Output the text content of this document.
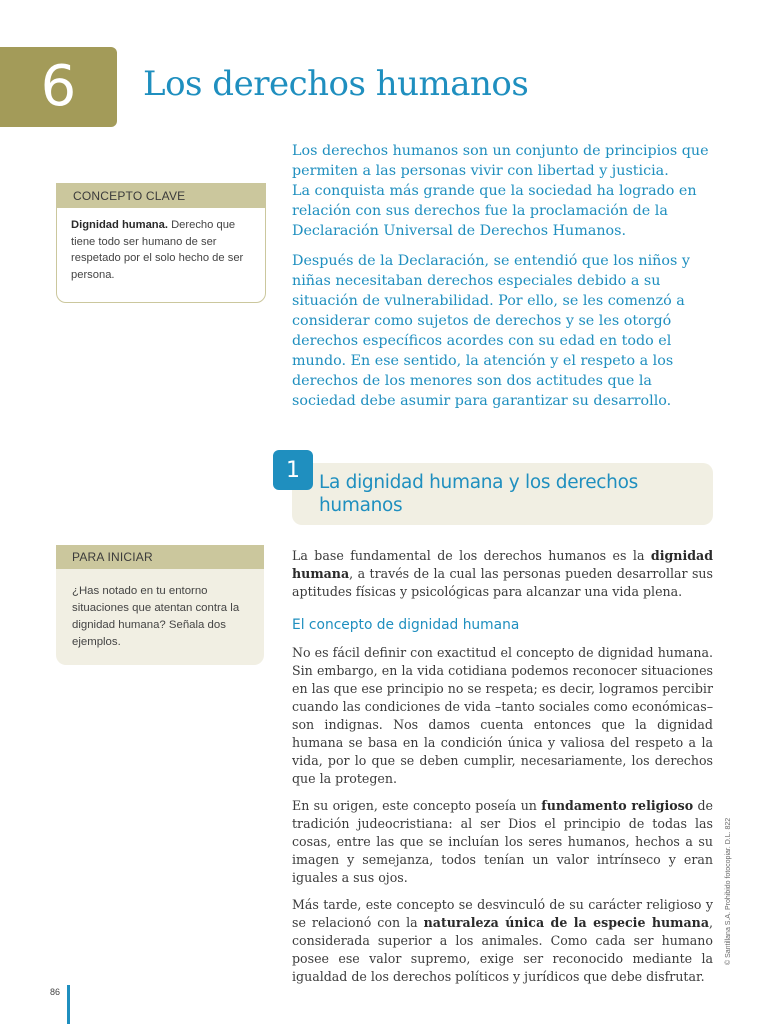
6 Los derechos humanos

Los derechos humanos son un conjunto de principios que permiten a las personas vivir con libertad y justicia.
La conquista más grande que la sociedad ha logrado en relación con sus derechos fue la proclamación de la Declaración Universal de Derechos Humanos.

Después de la Declaración, se entendió que los niños y niñas necesitaban derechos especiales debido a su situación de vulnerabilidad. Por ello, se les comenzó a considerar como sujetos de derechos y se les otorgó derechos específicos acordes con su edad en todo el mundo. En ese sentido, la atención y el respeto a los derechos de los menores son dos actitudes que la sociedad debe asumir para garantizar su desarrollo.

CONCEPTO CLAVE
Dignidad humana. Derecho que tiene todo ser humano de ser respetado por el solo hecho de ser persona.
PARA INICIAR
¿Has notado en tu entorno situaciones que atentan contra la dignidad humana? Señala dos ejemplos.
1	La dignidad humana y los derechos humanos

La base fundamental de los derechos humanos es la dignidad humana, a través de la cual las personas pueden desarrollar sus aptitudes físicas y psicológicas para alcanzar una vida plena.

El concepto de dignidad humana

No es fácil definir con exactitud el concepto de dignidad humana. Sin embargo, en la vida cotidiana podemos reconocer situaciones en las que ese principio no se respeta; es decir, logramos percibir cuando las condiciones de vida –tanto sociales como económicas– son indignas. Nos damos cuenta entonces que la dignidad humana se basa en la condición única y valiosa del respeto a la vida, por lo que se deben cumplir, necesariamente, los derechos que la protegen.

En su origen, este concepto poseía un fundamento religioso de tradición judeocristiana: al ser Dios el principio de todas las cosas, entre las que se incluían los seres humanos, hechos a su imagen y semejanza, todos tenían un valor intrínseco y eran iguales a sus ojos.

Más tarde, este concepto se desvinculó de su carácter religioso y se relacionó con la naturaleza única de la especie humana, considerada superior a los animales. Como cada ser humano posee ese valor supremo, exige ser reconocido mediante la igualdad de los derechos políticos y jurídicos que debe disfrutar.

© Santillana S.A. Prohibido fotocopiar. D.L. 822
86
